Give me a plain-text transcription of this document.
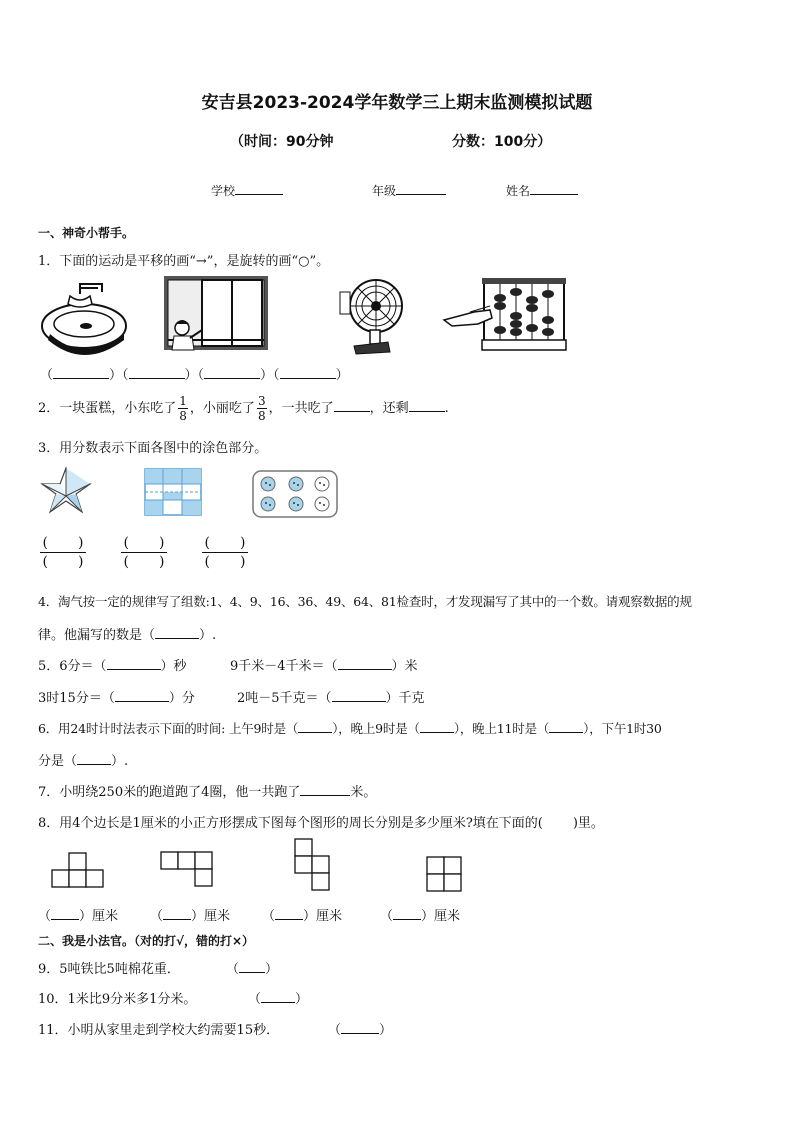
安吉县2023-2024学年数学三上期末监测模拟试题
（时间：90分钟	分数：100分）
学校	年级	姓名
一、神奇小帮手。
1．下面的运动是平移的画“→”，是旋转的画“○”。
（	）（	）（	）（	）
2．一块蛋糕，小东吃了 $\frac{1}{8}$ ，小丽吃了 $\frac{3}{8}$ ，一共吃了	，还剩	.
3．用分数表示下面各图中的涂色部分。
( )
( )
( )
( )
( )
( )
4．淘气按一定的规律写了组数:1、4、9、16、36、49、64、81检查时，才发现漏写了其中的一个数。请观察数据的规
律。他漏写的数是（	）.
5．6分＝（	）秒	9千米－4千米＝（	）米
3时15分＝（	）分	2吨－5千克＝（	）千克
6．用24时计时法表示下面的时间: 上午9时是（	），晚上9时是（	），晚上11时是（	），下午1时30
分是（	）.
7．小明绕250米的跑道跑了4圈，他一共跑了	米。
8．用4个边长是1厘米的小正方形摆成下图每个图形的周长分别是多少厘米?填在下面的( )里。
（ ）厘米 （ ）厘米 （ ）厘米	（ ）厘米
二、我是小法官。（对的打√，错的打×）
9．5吨铁比5吨棉花重．	（ ）
10．1米比9分米多1分米。	（	）
11．小明从家里走到学校大约需要15秒．	（	）
